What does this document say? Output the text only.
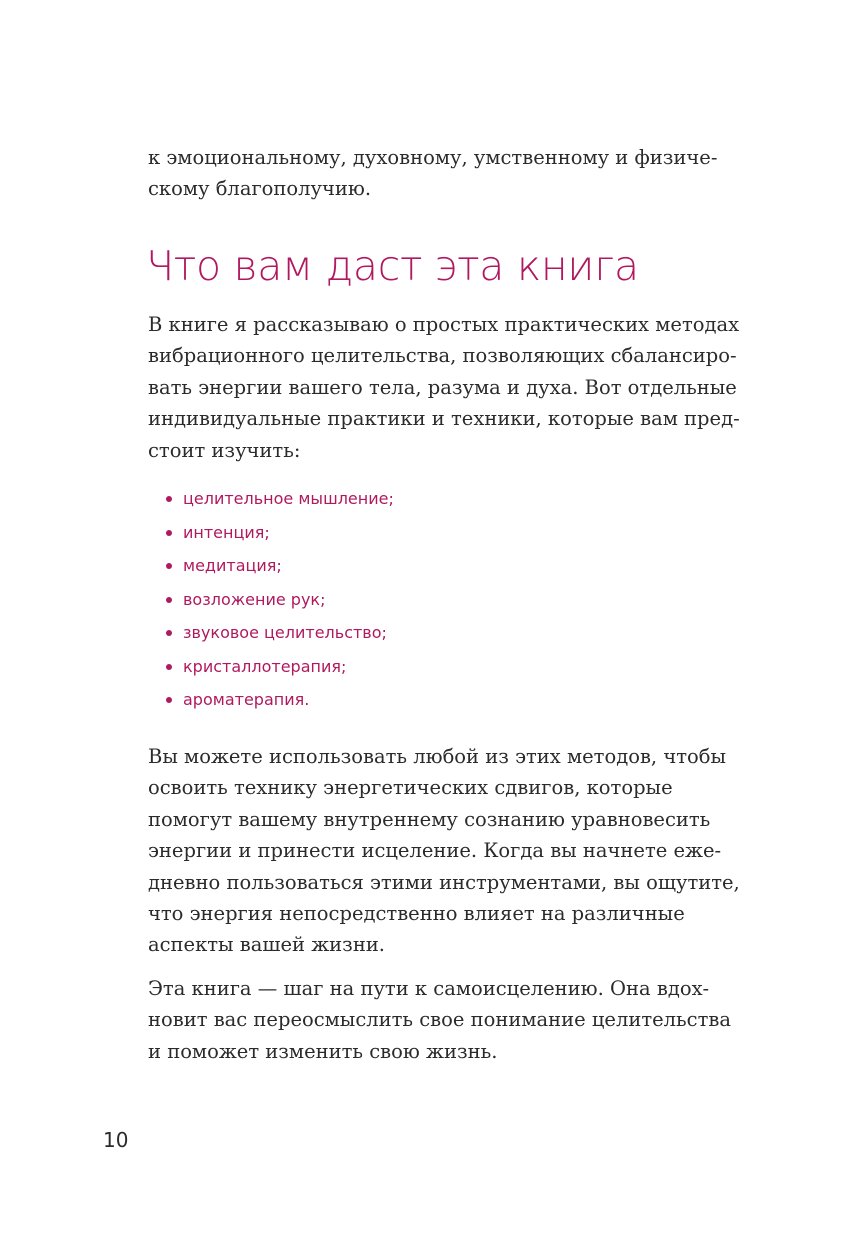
к эмоциональному, духовному, умственному и физиче-
скому благополучию.

Что вам даст эта книга

В книге я рассказываю о простых практических методах
вибрационного целительства, позволяющих сбалансиро-
вать энергии вашего тела, разума и духа. Вот отдельные
индивидуальные практики и техники, которые вам пред-
стоит изучить:

целительное мышление;
интенция;
медитация;
возложение рук;
звуковое целительство;
кристаллотерапия;
ароматерапия.

Вы можете использовать любой из этих методов, чтобы
освоить технику энергетических сдвигов, которые
помогут вашему внутреннему сознанию уравновесить
энергии и принести исцеление. Когда вы начнете еже-
дневно пользоваться этими инструментами, вы ощутите,
что энергия непосредственно влияет на различные
аспекты вашей жизни.

Эта книга — шаг на пути к самоисцелению. Она вдох-
новит вас переосмыслить свое понимание целительства
и поможет изменить свою жизнь.

10
